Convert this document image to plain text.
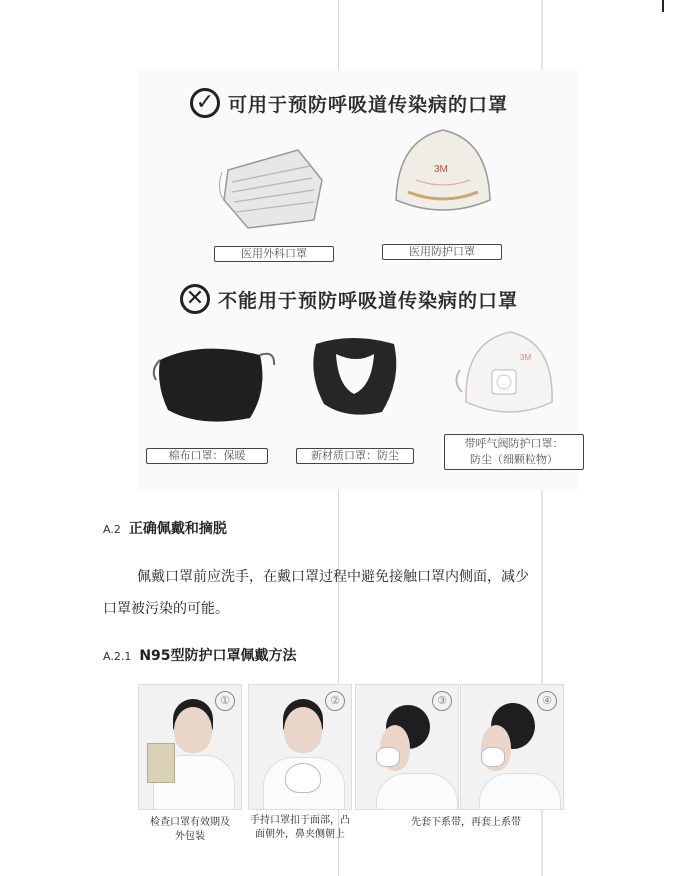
✓ 可用于预防呼吸道传染病的口罩
3M
医用外科口罩	医用防护口罩
✕ 不能用于预防呼吸道传染病的口罩
3M
棉布口罩：保暖	新材质口罩：防尘
带呼气阀防护口罩：
防尘（细颗粒物）
A.2 正确佩戴和摘脱
佩戴口罩前应洗手，在戴口罩过程中避免接触口罩内侧面，减少
口罩被污染的可能。
A.2.1 N95型防护口罩佩戴方法
①	②	③	④
检查口罩有效期及
外包装
手持口罩扣于面部，凸
面朝外，鼻夹侧朝上
先套下系带，再套上系带
